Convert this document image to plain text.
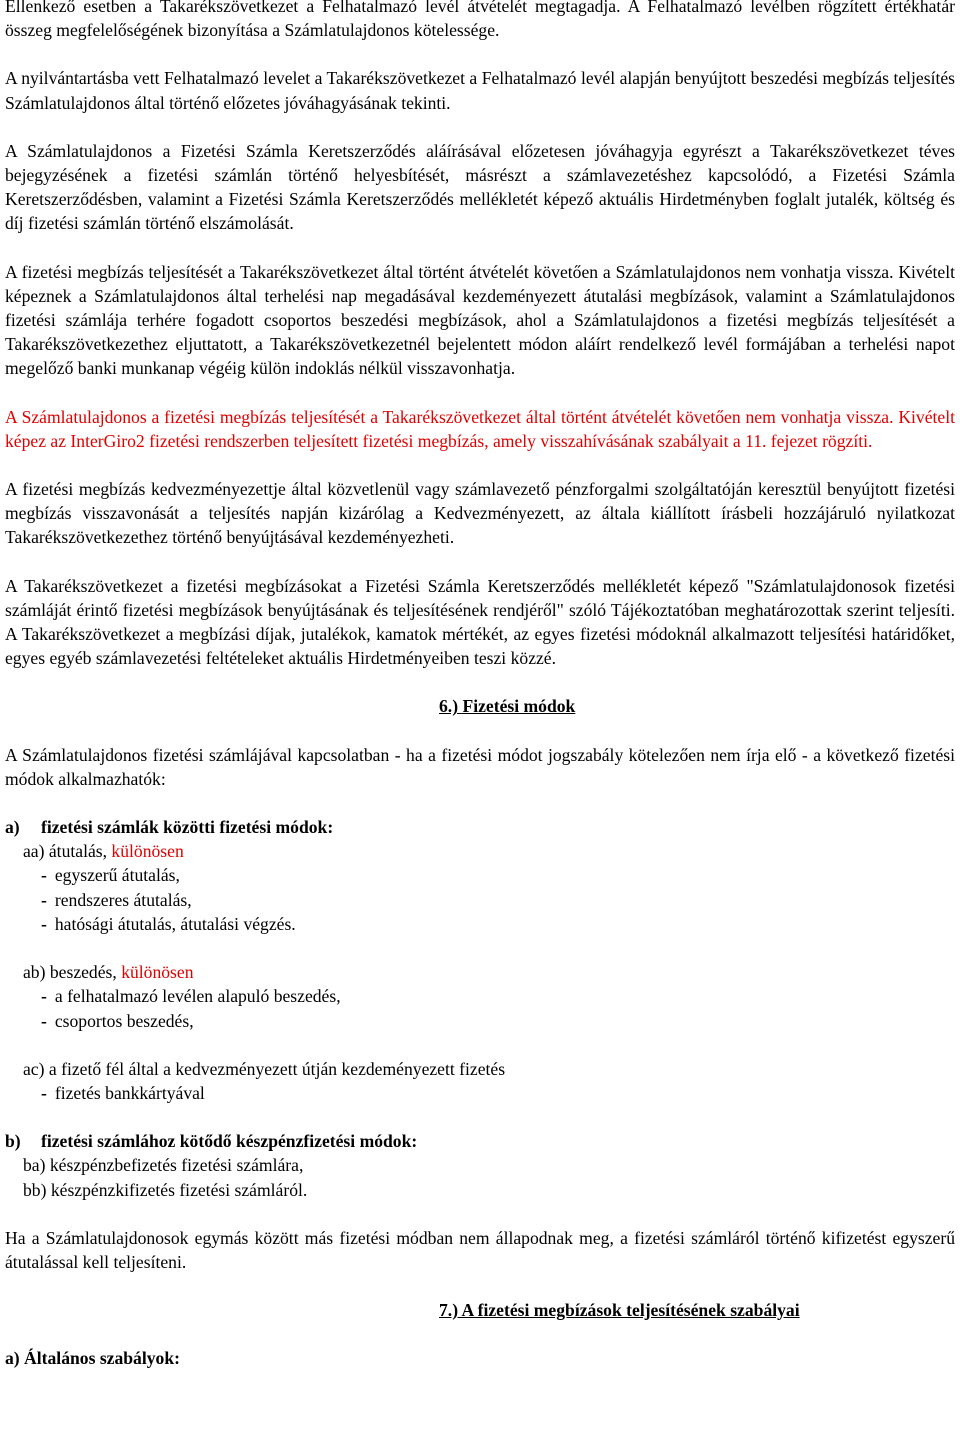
Ellenkező esetben a Takarékszövetkezet a Felhatalmazó levél átvételét megtagadja. A Felhatalmazó levélben rögzített értékhatár összeg megfelelőségének bizonyítása a Számlatulajdonos kötelessége.

A nyilvántartásba vett Felhatalmazó levelet a Takarékszövetkezet a Felhatalmazó levél alapján benyújtott beszedési megbízás teljesítés Számlatulajdonos által történő előzetes jóváhagyásának tekinti.

A Számlatulajdonos a Fizetési Számla Keretszerződés aláírásával előzetesen jóváhagyja egyrészt a Takarékszövetkezet téves bejegyzésének a fizetési számlán történő helyesbítését, másrészt a számlavezetéshez kapcsolódó, a Fizetési Számla Keretszerződésben, valamint a Fizetési Számla Keretszerződés mellékletét képező aktuális Hirdetményben foglalt jutalék, költség és díj fizetési számlán történő elszámolását.

A fizetési megbízás teljesítését a Takarékszövetkezet által történt átvételét követően a Számlatulajdonos nem vonhatja vissza. Kivételt képeznek a Számlatulajdonos által terhelési nap megadásával kezdeményezett átutalási megbízások, valamint a Számlatulajdonos fizetési számlája terhére fogadott csoportos beszedési megbízások, ahol a Számlatulajdonos a fizetési megbízás teljesítését a Takarékszövetkezethez eljuttatott, a Takarékszövetkezetnél bejelentett módon aláírt rendelkező levél formájában a terhelési napot megelőző banki munkanap végéig külön indoklás nélkül visszavonhatja.

A Számlatulajdonos a fizetési megbízás teljesítését a Takarékszövetkezet által történt átvételét követően nem vonhatja vissza. Kivételt képez az InterGiro2 fizetési rendszerben teljesített fizetési megbízás, amely visszahívásának szabályait a 11. fejezet rögzíti.

A fizetési megbízás kedvezményezettje által közvetlenül vagy számlavezető pénzforgalmi szolgáltatóján keresztül benyújtott fizetési megbízás visszavonását a teljesítés napján kizárólag a Kedvezményezett, az általa kiállított írásbeli hozzájáruló nyilatkozat Takarékszövetkezethez történő benyújtásával kezdeményezheti.

A Takarékszövetkezet a fizetési megbízásokat a Fizetési Számla Keretszerződés mellékletét képező "Számlatulajdonosok fizetési számláját érintő fizetési megbízások benyújtásának és teljesítésének rendjéről" szóló Tájékoztatóban meghatározottak szerint teljesíti. A Takarékszövetkezet a megbízási díjak, jutalékok, kamatok mértékét, az egyes fizetési módoknál alkalmazott teljesítési határidőket, egyes egyéb számlavezetési feltételeket aktuális Hirdetményeiben teszi közzé.

6.) Fizetési módok

A Számlatulajdonos fizetési számlájával kapcsolatban - ha a fizetési módot jogszabály kötelezően nem írja elő - a következő fizetési módok alkalmazhatók:

a) fizetési számlák közötti fizetési módok:

aa) átutalás, különösen

- egyszerű átutalás,

- rendszeres átutalás,

- hatósági átutalás, átutalási végzés.

ab) beszedés, különösen

- a felhatalmazó levélen alapuló beszedés,

- csoportos beszedés,

ac) a fizető fél által a kedvezményezett útján kezdeményezett fizetés

- fizetés bankkártyával

b) fizetési számlához kötődő készpénzfizetési módok:

ba) készpénzbefizetés fizetési számlára,

bb) készpénzkifizetés fizetési számláról.

Ha a Számlatulajdonosok egymás között más fizetési módban nem állapodnak meg, a fizetési számláról történő kifizetést egyszerű átutalással kell teljesíteni.

7.) A fizetési megbízások teljesítésének szabályai

a) Általános szabályok:
